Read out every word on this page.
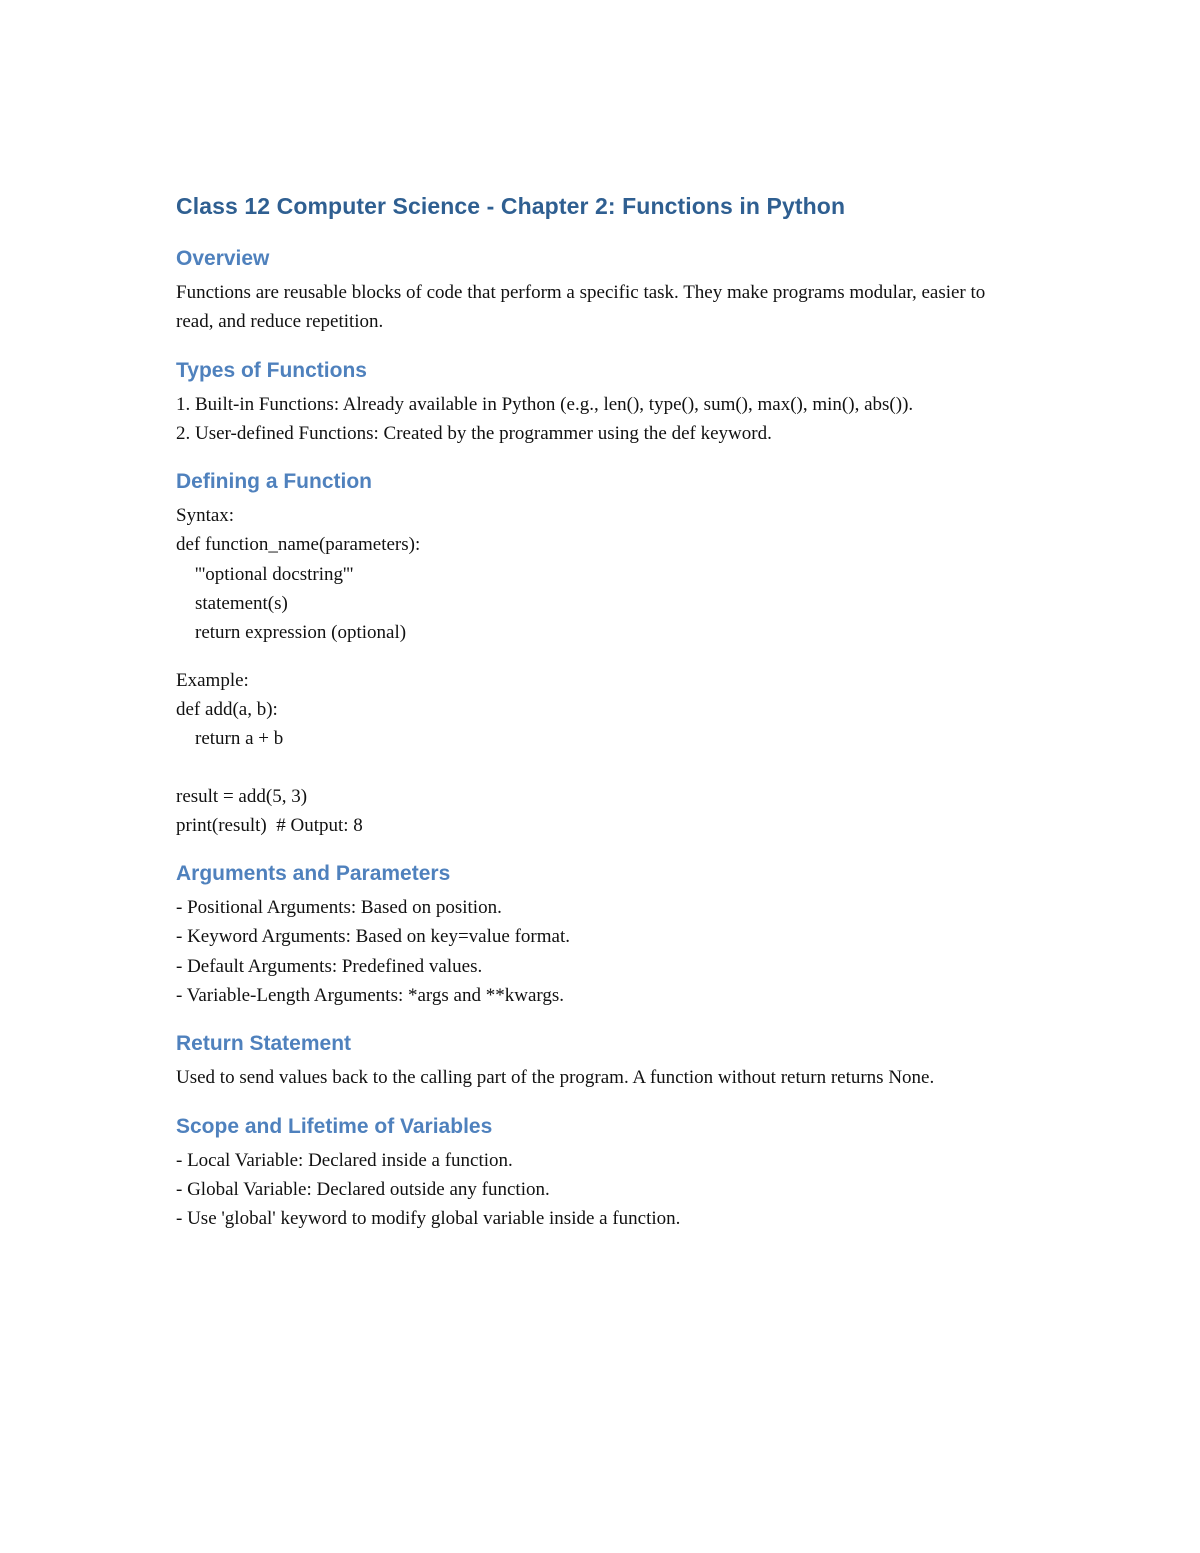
Class 12 Computer Science - Chapter 2: Functions in Python
Overview

Functions are reusable blocks of code that perform a specific task. They make programs modular, easier to read, and reduce repetition.

Types of Functions

1. Built-in Functions: Already available in Python (e.g., len(), type(), sum(), max(), min(), abs()).

2. User-defined Functions: Created by the programmer using the def keyword.

Defining a Function
Syntax:
def function_name(parameters):
'''optional docstring'''
statement(s)
return expression (optional)
Example:
def add(a, b):
return a + b
result = add(5, 3)
print(result)  # Output: 8
Arguments and Parameters
- Positional Arguments: Based on position.
- Keyword Arguments: Based on key=value format.
- Default Arguments: Predefined values.
- Variable-Length Arguments: *args and **kwargs.
Return Statement

Used to send values back to the calling part of the program. A function without return returns None.

Scope and Lifetime of Variables
- Local Variable: Declared inside a function.
- Global Variable: Declared outside any function.
- Use 'global' keyword to modify global variable inside a function.
